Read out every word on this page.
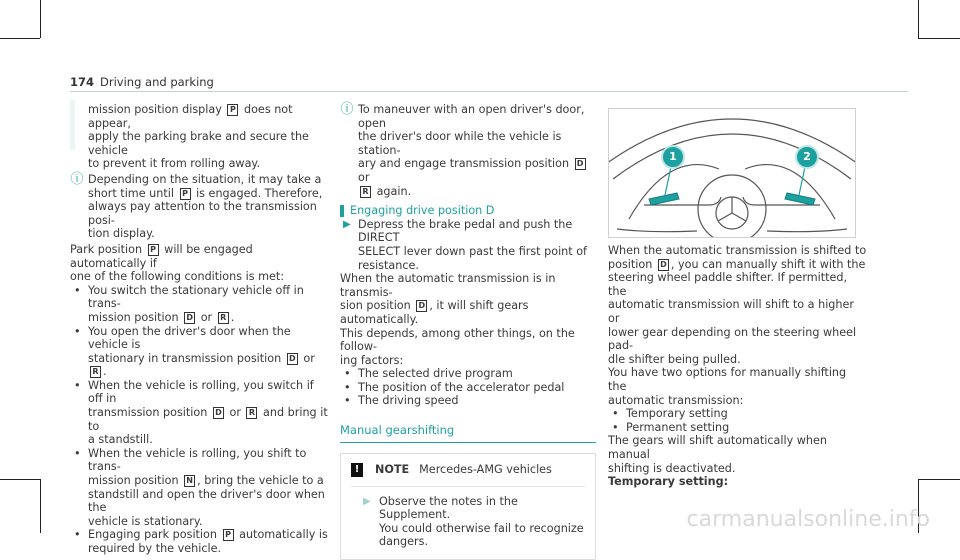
174 Driving and parking

mission position display P does not appear,
apply the parking brake and secure the vehicle
to prevent it from rolling away.

ⓘ Depending on the situation, it may take a
short time until P is engaged. Therefore,
always pay attention to the transmission posi-
tion display.

Park position P will be engaged automatically if
one of the following conditions is met:

• You switch the stationary vehicle off in trans-
mission position D or R .
• You open the driver's door when the vehicle is
stationary in transmission position D or R .
• When the vehicle is rolling, you switch if off in
transmission position D or R and bring it to
a standstill.
• When the vehicle is rolling, you shift to trans-
mission position N , bring the vehicle to a
standstill and open the driver's door when the
vehicle is stationary.
• Engaging park position P automatically is
required by the vehicle.
ⓘ To maneuver with an open driver's door, open
the driver's door while the vehicle is station-
ary and engage transmission position D or
R again.
Engaging drive position D
▶ Depress the brake pedal and push the DIRECT
SELECT lever down past the first point of
resistance.

When the automatic transmission is in transmis-
sion position D , it will shift gears automatically.
This depends, among other things, on the follow-
ing factors:

• The selected drive program
• The position of the accelerator pedal
• The driving speed
Manual gearshifting
!	NOTE Mercedes-AMG vehicles
▶ Observe the notes in the Supplement.
You could otherwise fail to recognize
dangers.
1	2

When the automatic transmission is shifted to
position D , you can manually shift it with the
steering wheel paddle shifter. If permitted, the
automatic transmission will shift to a higher or
lower gear depending on the steering wheel pad-
dle shifter being pulled.

You have two options for manually shifting the
automatic transmission:

• Temporary setting
• Permanent setting

The gears will shift automatically when manual
shifting is deactivated.

Temporary setting:

carmanualsonline.info
